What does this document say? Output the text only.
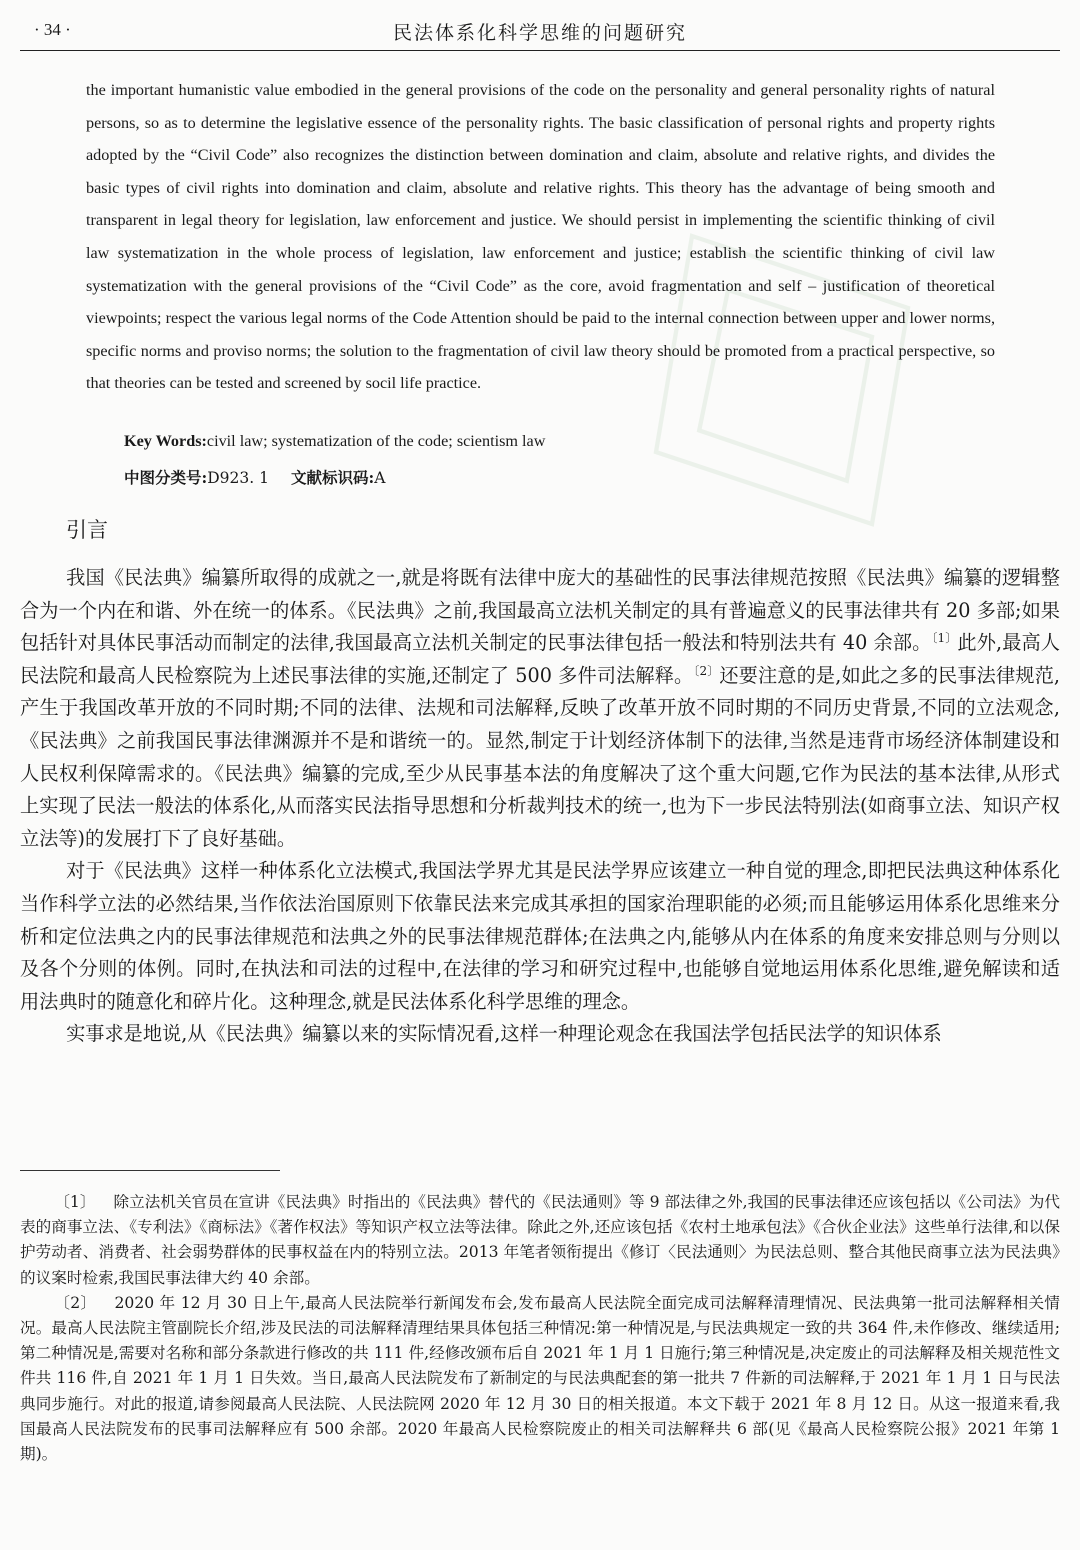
· 34 ·	民法体系化科学思维的问题研究

the important humanistic value embodied in the general provisions of the code on the personality and general personality rights of natural persons, so as to determine the legislative essence of the personality rights. The basic classification of personal rights and property rights adopted by the “Civil Code” also recognizes the distinction between domination and claim, absolute and relative rights, and divides the basic types of civil rights into domination and claim, absolute and relative rights. This theory has the advantage of being smooth and transparent in legal theory for legislation, law enforcement and justice. We should persist in implementing the scientific thinking of civil law systematization in the whole process of legislation, law enforcement and justice; establish the scientific thinking of civil law systematization with the general provisions of the “Civil Code” as the core, avoid fragmentation and self – justification of theoretical viewpoints; respect the various legal norms of the Code Attention should be paid to the internal connection between upper and lower norms, specific norms and proviso norms; the solution to the fragmentation of civil law theory should be promoted from a practical perspective, so that theories can be tested and screened by socil life practice.

Key Words:civil law; systematization of the code; scientism law

中图分类号:D923. 1 文献标识码:A

引言

我国《民法典》编纂所取得的成就之一,就是将既有法律中庞大的基础性的民事法律规范按照《民法典》编纂的逻辑整合为一个内在和谐、外在统一的体系。《民法典》之前,我国最高立法机关制定的具有普遍意义的民事法律共有 20 多部;如果包括针对具体民事活动而制定的法律,我国最高立法机关制定的民事法律包括一般法和特别法共有 40 余部。$^{〔1〕}$此外,最高人民法院和最高人民检察院为上述民事法律的实施,还制定了 500 多件司法解释。$^{〔2〕}$还要注意的是,如此之多的民事法律规范,产生于我国改革开放的不同时期;不同的法律、法规和司法解释,反映了改革开放不同时期的不同历史背景,不同的立法观念,《民法典》之前我国民事法律渊源并不是和谐统一的。显然,制定于计划经济体制下的法律,当然是违背市场经济体制建设和人民权利保障需求的。《民法典》编纂的完成,至少从民事基本法的角度解决了这个重大问题,它作为民法的基本法律,从形式上实现了民法一般法的体系化,从而落实民法指导思想和分析裁判技术的统一,也为下一步民法特别法(如商事立法、知识产权立法等)的发展打下了良好基础。

对于《民法典》这样一种体系化立法模式,我国法学界尤其是民法学界应该建立一种自觉的理念,即把民法典这种体系化当作科学立法的必然结果,当作依法治国原则下依靠民法来完成其承担的国家治理职能的必须;而且能够运用体系化思维来分析和定位法典之内的民事法律规范和法典之外的民事法律规范群体;在法典之内,能够从内在体系的角度来安排总则与分则以及各个分则的体例。同时,在执法和司法的过程中,在法律的学习和研究过程中,也能够自觉地运用体系化思维,避免解读和适用法典时的随意化和碎片化。这种理念,就是民法体系化科学思维的理念。

实事求是地说,从《民法典》编纂以来的实际情况看,这样一种理论观念在我国法学包括民法学的知识体系

〔1〕 除立法机关官员在宣讲《民法典》时指出的《民法典》替代的《民法通则》等 9 部法律之外,我国的民事法律还应该包括以《公司法》为代表的商事立法、《专利法》《商标法》《著作权法》等知识产权立法等法律。除此之外,还应该包括《农村土地承包法》《合伙企业法》这些单行法律,和以保护劳动者、消费者、社会弱势群体的民事权益在内的特别立法。2013 年笔者领衔提出《修订〈民法通则〉为民法总则、整合其他民商事立法为民法典》的议案时检索,我国民事法律大约 40 余部。

〔2〕 2020 年 12 月 30 日上午,最高人民法院举行新闻发布会,发布最高人民法院全面完成司法解释清理情况、民法典第一批司法解释相关情况。最高人民法院主管副院长介绍,涉及民法的司法解释清理结果具体包括三种情况:第一种情况是,与民法典规定一致的共 364 件,未作修改、继续适用;第二种情况是,需要对名称和部分条款进行修改的共 111 件,经修改颁布后自 2021 年 1 月 1 日施行;第三种情况是,决定废止的司法解释及相关规范性文件共 116 件,自 2021 年 1 月 1 日失效。当日,最高人民法院发布了新制定的与民法典配套的第一批共 7 件新的司法解释,于 2021 年 1 月 1 日与民法典同步施行。对此的报道,请参阅最高人民法院、人民法院网 2020 年 12 月 30 日的相关报道。本文下载于 2021 年 8 月 12 日。从这一报道来看,我国最高人民法院发布的民事司法解释应有 500 余部。2020 年最高人民检察院废止的相关司法解释共 6 部(见《最高人民检察院公报》2021 年第 1 期)。
